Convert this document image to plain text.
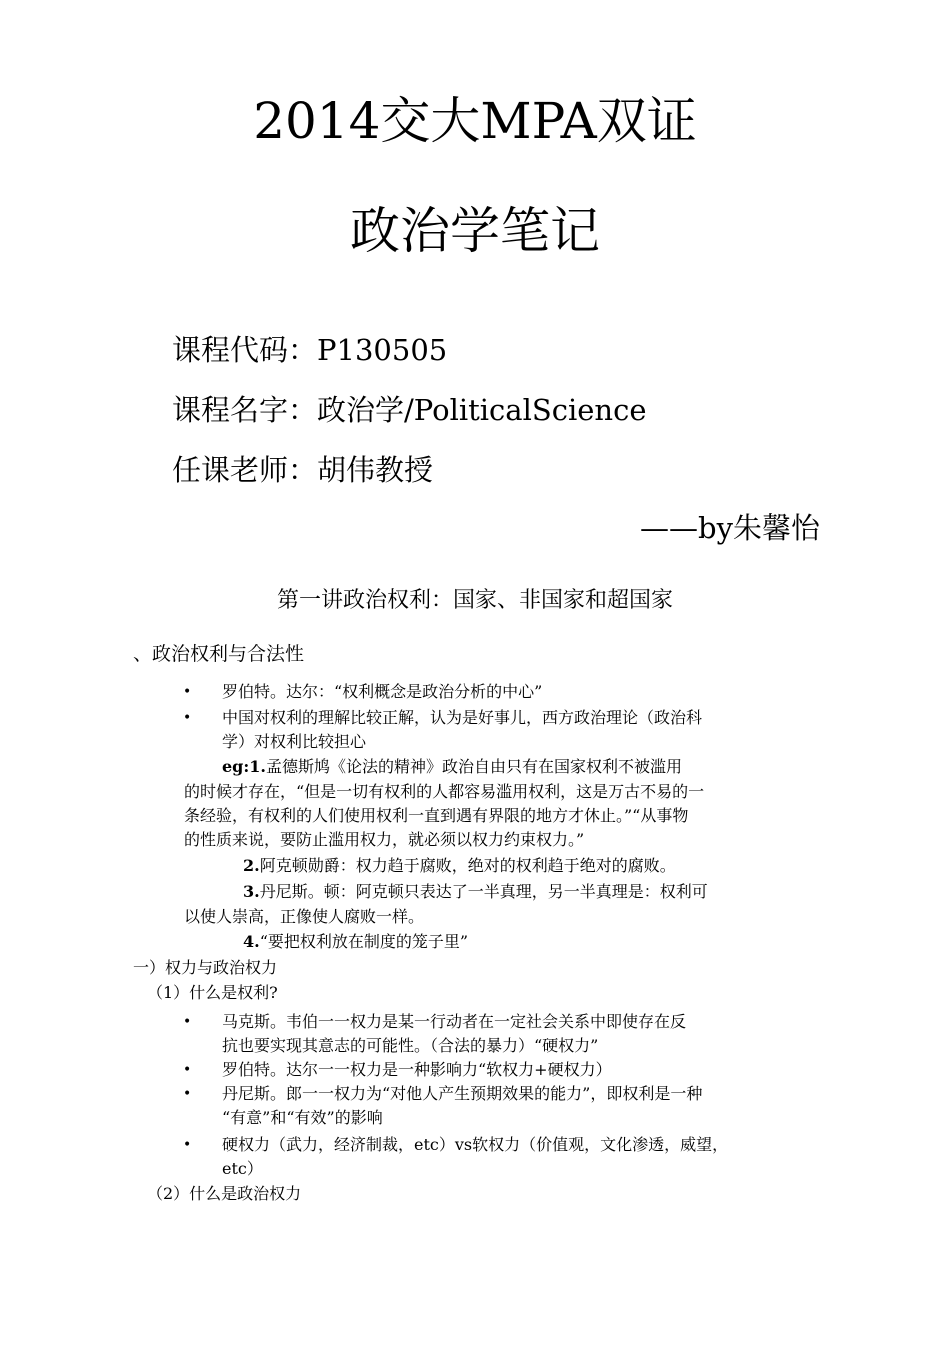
2014交大MPA双证
政治学笔记
课程代码：P130505
课程名字：政治学/PoliticalScience
任课老师：胡伟教授
——by朱馨怡
第一讲政治权利：国家、非国家和超国家
、政治权利与合法性
• 罗伯特。达尔：“权利概念是政治分析的中心”
• 中国对权利的理解比较正解，认为是好事儿，西方政治理论（政治科
学）对权利比较担心
eg:1.孟德斯鸠《论法的精神》政治自由只有在国家权利不被滥用
的时候才存在，“但是一切有权利的人都容易滥用权利，这是万古不易的一
条经验，有权利的人们使用权利一直到遇有界限的地方才休止。”“从事物
的性质来说，要防止滥用权力，就必须以权力约束权力。”
2.阿克顿勋爵：权力趋于腐败，绝对的权利趋于绝对的腐败。
3.丹尼斯。顿：阿克顿只表达了一半真理，另一半真理是：权利可
以使人崇高，正像使人腐败一样。
4.“要把权利放在制度的笼子里”
一）权力与政治权力
（1）什么是权利?
• 马克斯。韦伯一一权力是某一行动者在一定社会关系中即使存在反
抗也要实现其意志的可能性。（合法的暴力）“硬权力”
• 罗伯特。达尔一一权力是一种影响力“软权力+硬权力）
• 丹尼斯。郎一一权力为“对他人产生预期效果的能力”，即权利是一种
“有意”和“有效”的影响
• 硬权力（武力，经济制裁，etc）vs软权力（价值观，文化渗透，威望，
etc）
（2）什么是政治权力
